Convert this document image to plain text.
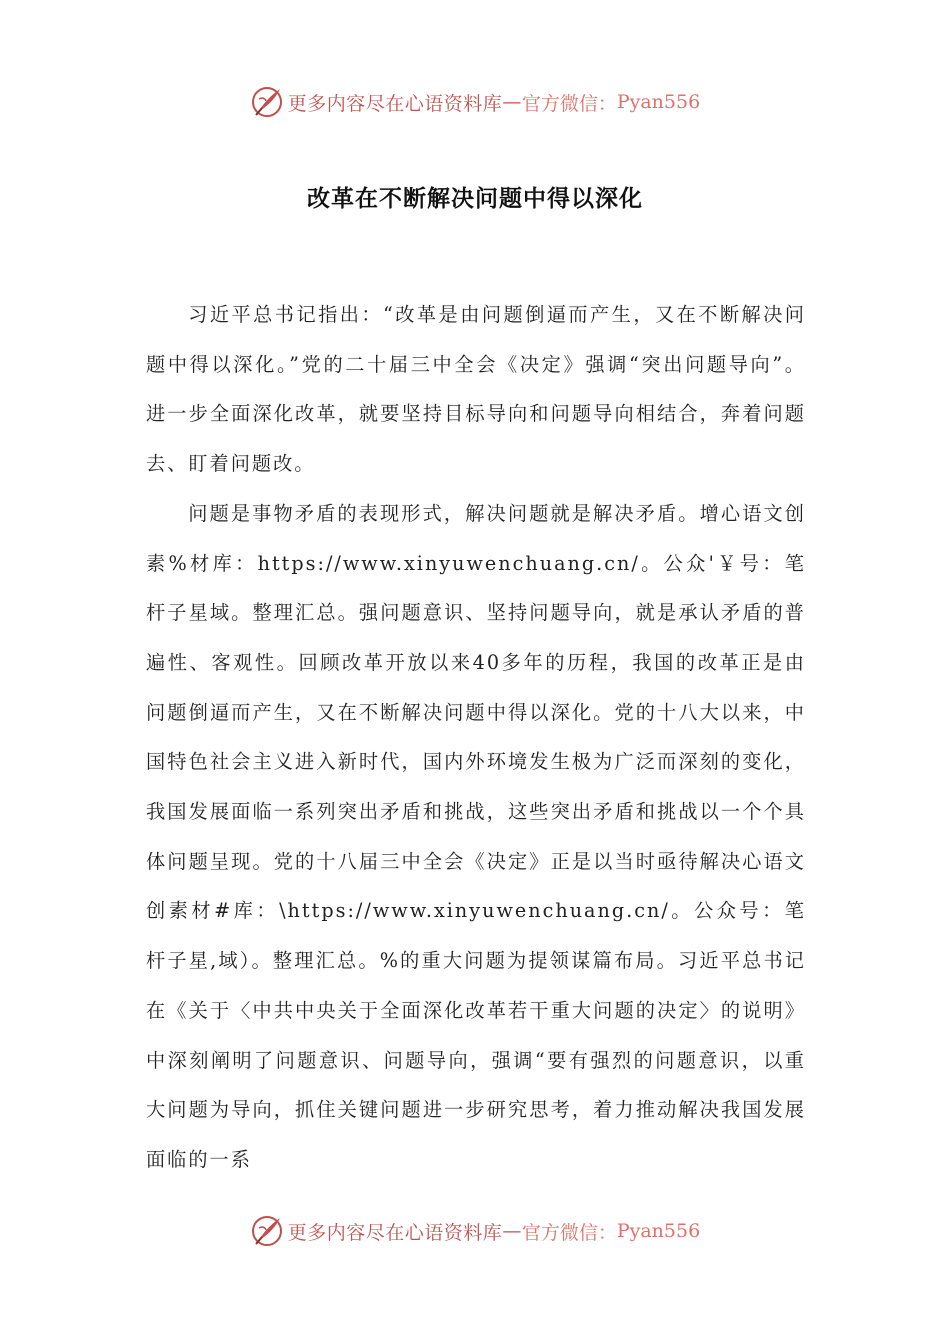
更多内容尽在心语资料库 — 官方微信： Pyan556
改革在不断解决问题中得以深化

习近平总书记指出：“改革是由问题倒逼而产生，又在不断解决问题中得以深化。”党的二十届三中全会《决定》强调“突出问题导向”。进一步全面深化改革，就要坚持目标导向和问题导向相结合，奔着问题去、盯着问题改。

问题是事物矛盾的表现形式，解决问题就是解决矛盾。增心语文创素%材库：https://www.xinyuwenchuang.cn/。公众'￥号：笔杆子星域。整理汇总。强问题意识、坚持问题导向，就是承认矛盾的普遍性、客观性。回顾改革开放以来40多年的历程，我国的改革正是由问题倒逼而产生，又在不断解决问题中得以深化。党的十八大以来，中国特色社会主义进入新时代，国内外环境发生极为广泛而深刻的变化，我国发展面临一系列突出矛盾和挑战，这些突出矛盾和挑战以一个个具体问题呈现。党的十八届三中全会《决定》正是以当时亟待解决心语文创素材#库：\https://www.xinyuwenchuang.cn/。公众号：笔杆子星,域）。整理汇总。%的重大问题为提领谋篇布局。习近平总书记在《关于〈中共中央关于全面深化改革若干重大问题的决定〉的说明》中深刻阐明了问题意识、问题导向，强调“要有强烈的问题意识，以重大问题为导向，抓住关键问题进一步研究思考，着力推动解决我国发展面临的一系

更多内容尽在心语资料库 — 官方微信： Pyan556
